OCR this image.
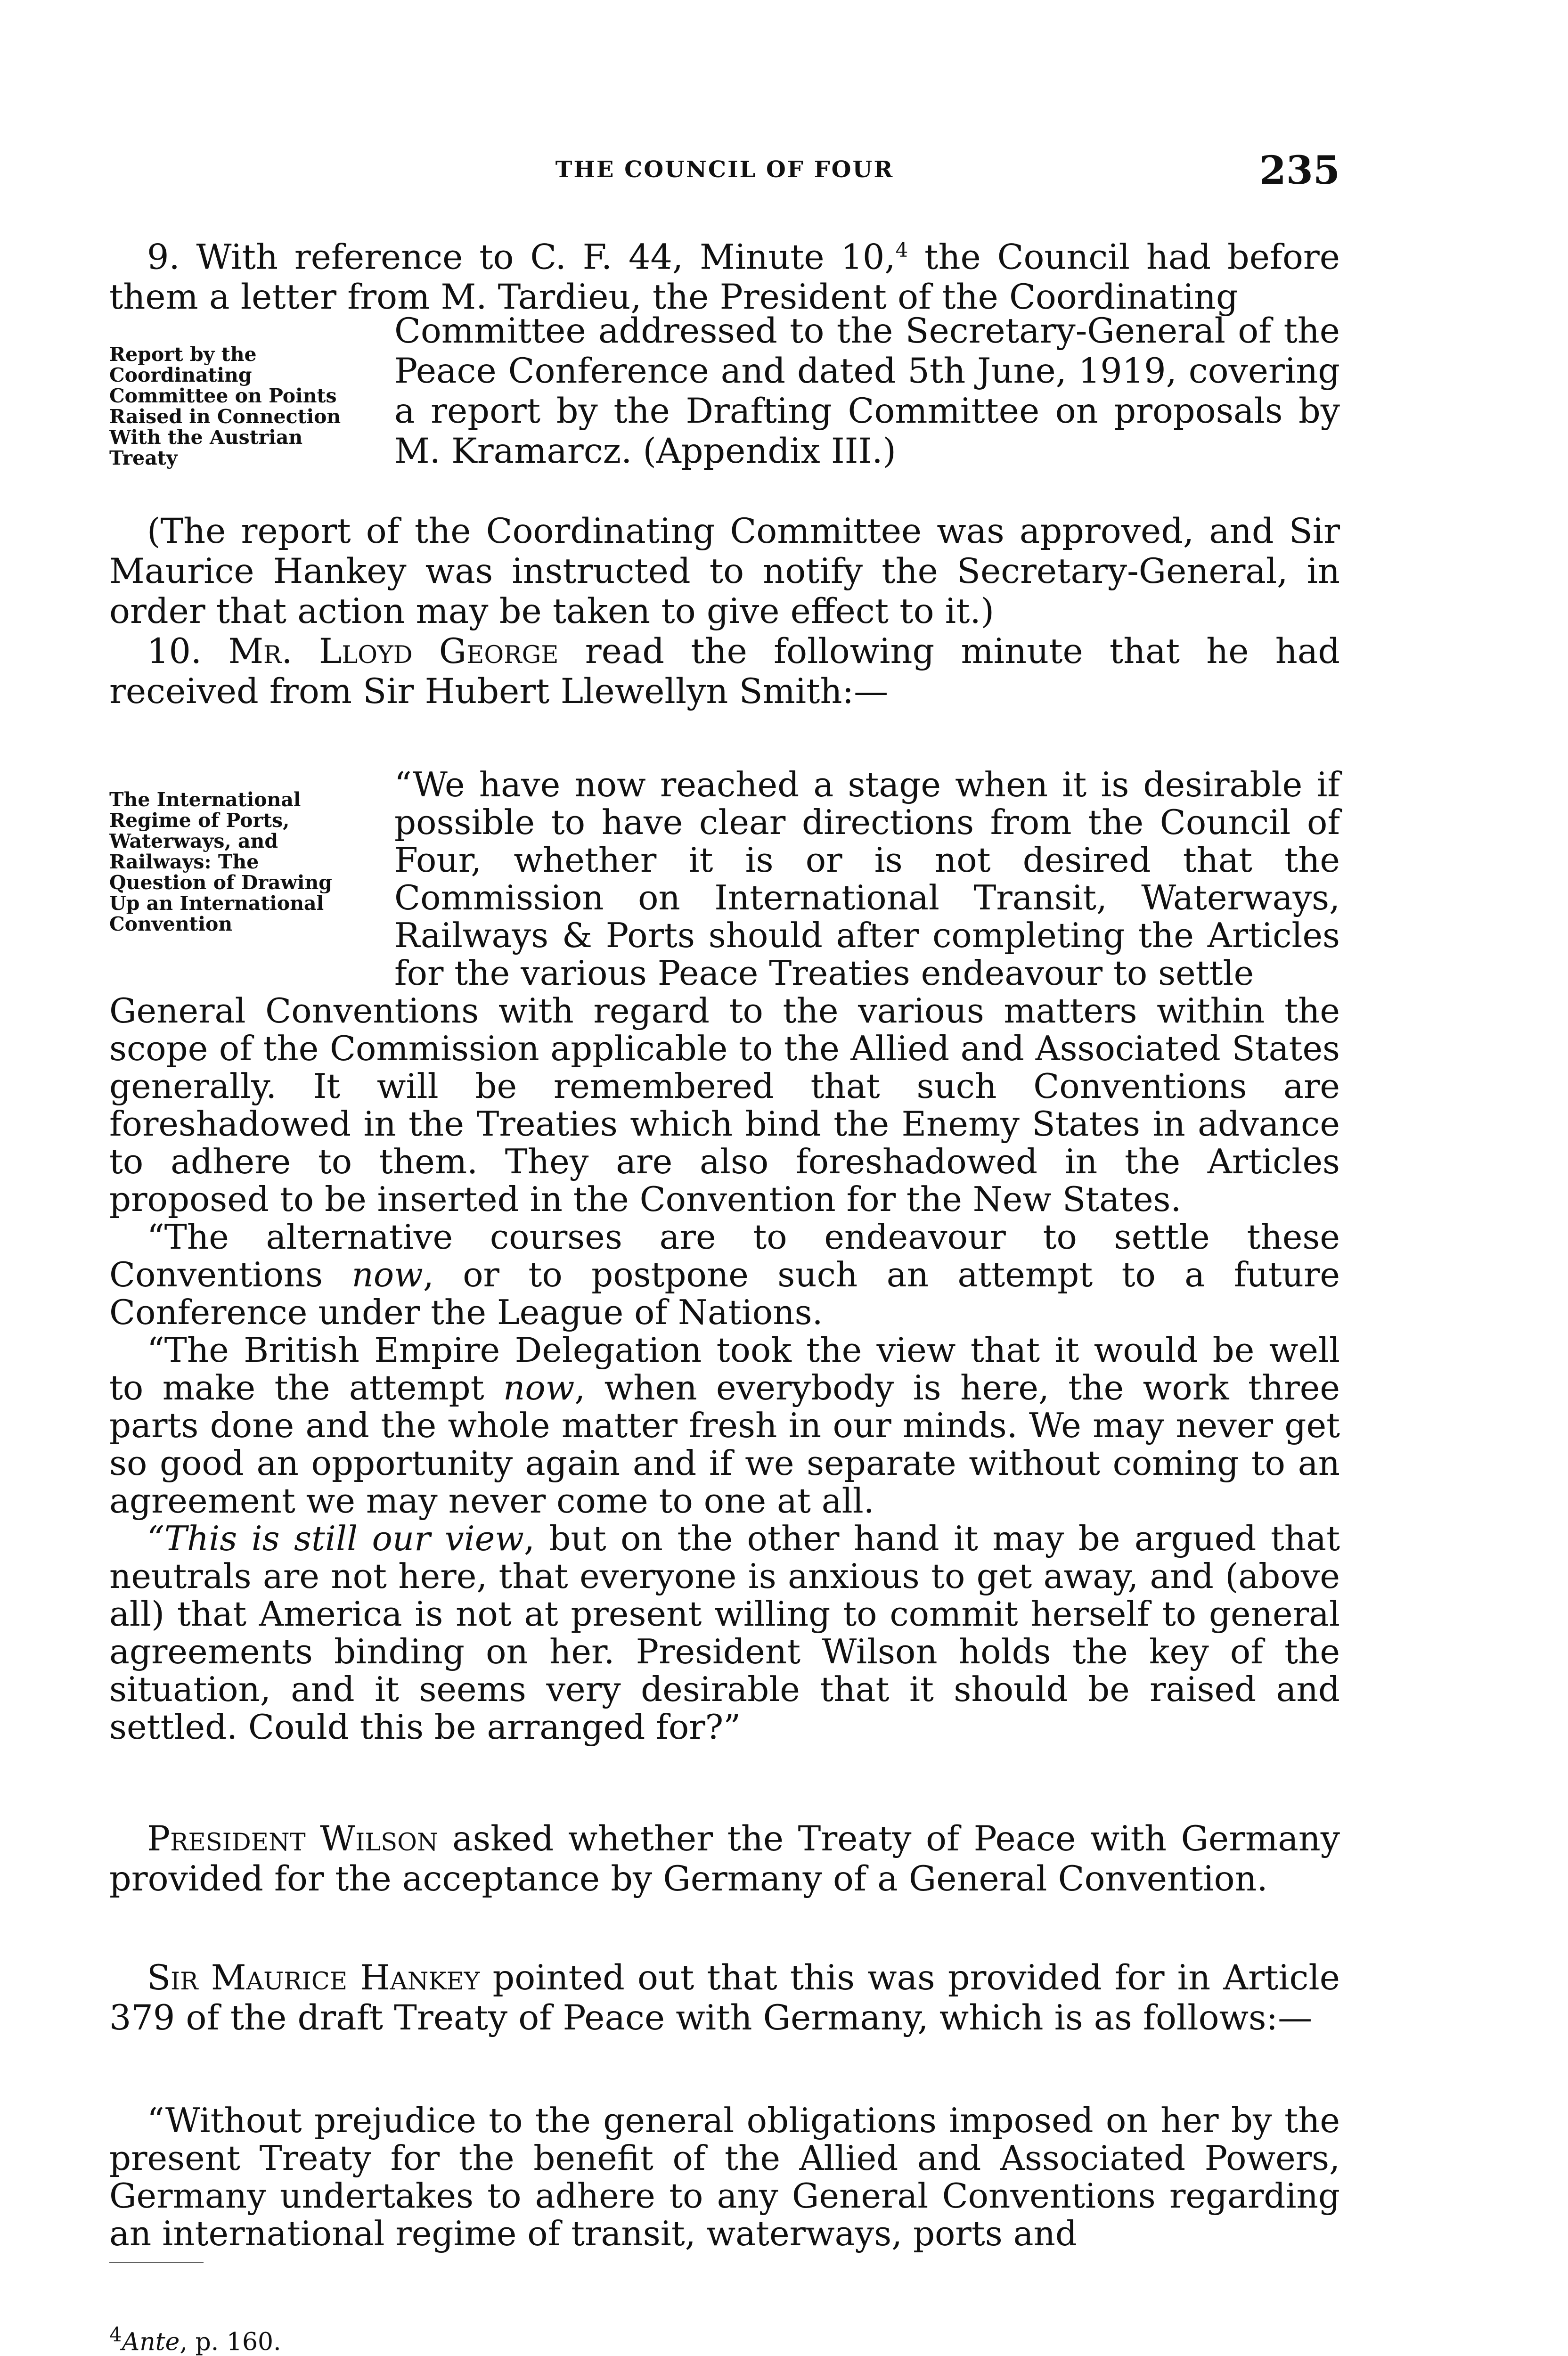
THE COUNCIL OF FOUR	235
9. With reference to C. F. 44, Minute 10,$^4$ the Council had before them a letter from M. Tardieu, the President of the Coordinating
Report by the Coordinating Committee on Points Raised in Connection With the Austrian Treaty

Committee addressed to the Secretary-General of the Peace Conference and dated 5th June, 1919, covering a report by the Drafting Committee on proposals by M. Kramarcz. (Appendix III.)

(The report of the Coordinating Committee was approved, and Sir Maurice Hankey was instructed to notify the Secretary-General, in order that action may be taken to give effect to it.)

10. Mr. Lloyd George read the following minute that he had received from Sir Hubert Llewellyn Smith:—

The International Regime of Ports, Waterways, and Railways: The Question of Drawing Up an International Convention

“We have now reached a stage when it is desirable if possible to have clear directions from the Council of Four, whether it is or is not desired that the Commission on International Transit, Waterways, Railways & Ports should after completing the Articles for the various Peace Treaties endeavour to settle

General Conventions with regard to the various matters within the scope of the Commission applicable to the Allied and Associated States generally. It will be remembered that such Conventions are foreshadowed in the Treaties which bind the Enemy States in advance to adhere to them. They are also foreshadowed in the Articles proposed to be inserted in the Convention for the New States.

“The alternative courses are to endeavour to settle these Conventions now, or to postpone such an attempt to a future Conference under the League of Nations.

“The British Empire Delegation took the view that it would be well to make the attempt now, when everybody is here, the work three parts done and the whole matter fresh in our minds. We may never get so good an opportunity again and if we separate without coming to an agreement we may never come to one at all.

“This is still our view, but on the other hand it may be argued that neutrals are not here, that everyone is anxious to get away, and (above all) that America is not at present willing to commit herself to general agreements binding on her. President Wilson holds the key of the situation, and it seems very desirable that it should be raised and settled. Could this be arranged for?”

President Wilson asked whether the Treaty of Peace with Germany provided for the acceptance by Germany of a General Convention.

Sir Maurice Hankey pointed out that this was provided for in Article 379 of the draft Treaty of Peace with Germany, which is as follows:—

“Without prejudice to the general obligations imposed on her by the present Treaty for the benefit of the Allied and Associated Powers, Germany undertakes to adhere to any General Conventions regarding an international regime of transit, waterways, ports and

$^4$Ante, p. 160.
